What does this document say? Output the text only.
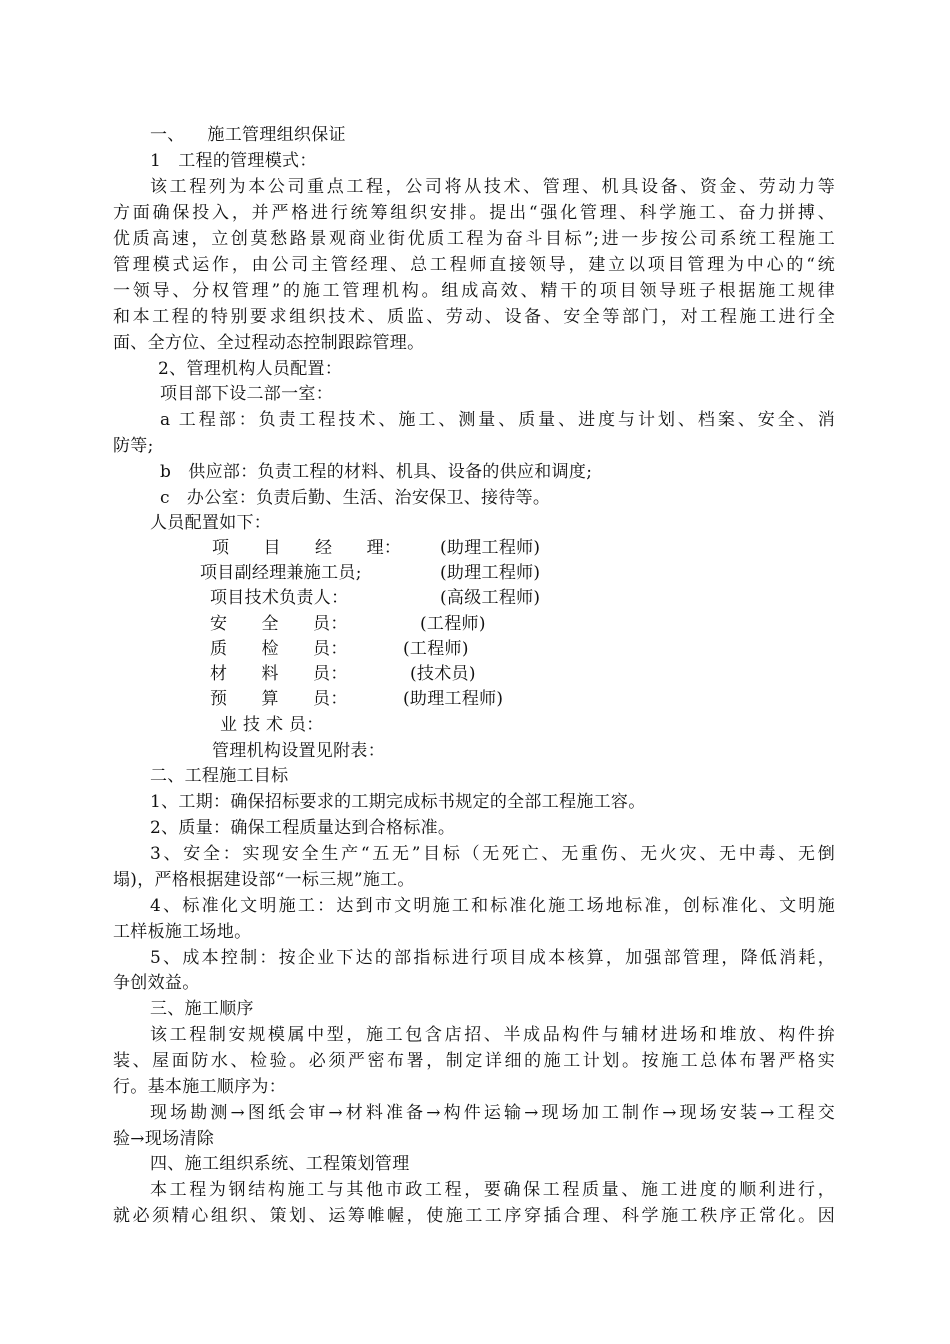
一、    施工管理组织保证
1   工程的管理模式：
该工程列为本公司重点工程，公司将从技术、管理、机具设备、资金、劳动力等
方面确保投入，并严格进行统筹组织安排。提出“强化管理、科学施工、奋力拼搏、
优质高速，立创莫愁路景观商业街优质工程为奋斗目标”;进一步按公司系统工程施工
管理模式运作，由公司主管经理、总工程师直接领导，建立以项目管理为中心的“统
一领导、分权管理”的施工管理机构。组成高效、精干的项目领导班子根据施工规律
和本工程的特别要求组织技术、质监、劳动、设备、安全等部门，对工程施工进行全
面、全方位、全过程动态控制跟踪管理。
2、管理机构人员配置：
项目部下设二部一室：
a 工程部：负责工程技术、施工、测量、质量、进度与计划、档案、安全、消
防等;
b   供应部：负责工程的材料、机具、设备的供应和调度;
c   办公室：负责后勤、生活、治安保卫、接待等。
人员配置如下：
项      目      经      理： (助理工程师)
项目副经理兼施工员;	(助理工程师)
项目技术负责人：	(高级工程师)
安      全      员：	(工程师)
质      检      员：	(工程师)
材      料      员：	(技术员)
预      算      员：	(助理工程师)
业 技 术 员：
管理机构设置见附表：
二、工程施工目标
1、工期：确保招标要求的工期完成标书规定的全部工程施工容。
2、质量：确保工程质量达到合格标准。
3、安全：实现安全生产“五无”目标（无死亡、无重伤、无火灾、无中毒、无倒
塌)，严格根据建设部“一标三规”施工。
4、标准化文明施工：达到市文明施工和标准化施工场地标准，创标准化、文明施
工样板施工场地。
5、成本控制：按企业下达的部指标进行项目成本核算，加强部管理，降低消耗，
争创效益。
三、施工顺序
该工程制安规模属中型，施工包含店招、半成品构件与辅材进场和堆放、构件拚
装、屋面防水、检验。必须严密布署，制定详细的施工计划。按施工总体布署严格实
行。基本施工顺序为：
现场勘测→图纸会审→材料准备→构件运输→现场加工制作→现场安装→工程交
验→现场清除
四、施工组织系统、工程策划管理
本工程为钢结构施工与其他市政工程，要确保工程质量、施工进度的顺利进行，
就必须精心组织、策划、运筹帷幄，使施工工序穿插合理、科学施工秩序正常化。因
